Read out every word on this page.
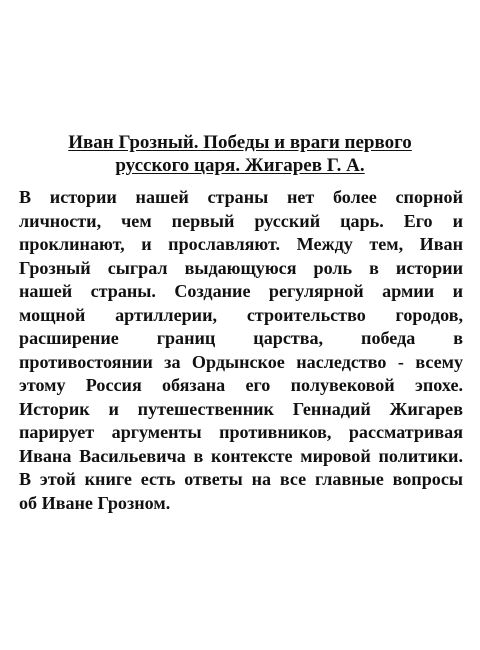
Иван Грозный. Победы и враги первого
русского царя. Жигарев Г. А.

В истории нашей страны нет более спорной
личности, чем первый русский царь. Его и
проклинают, и прославляют. Между тем, Иван
Грозный сыграл выдающуюся роль в истории
нашей страны. Создание регулярной армии и
мощной артиллерии, строительство городов,
расширение границ царства, победа в
противостоянии за Ордынское наследство - всему
этому Россия обязана его полувековой эпохе.
Историк и путешественник Геннадий Жигарев
парирует аргументы противников, рассматривая
Ивана Васильевича в контексте мировой политики.
В этой книге есть ответы на все главные вопросы
об Иване Грозном.
